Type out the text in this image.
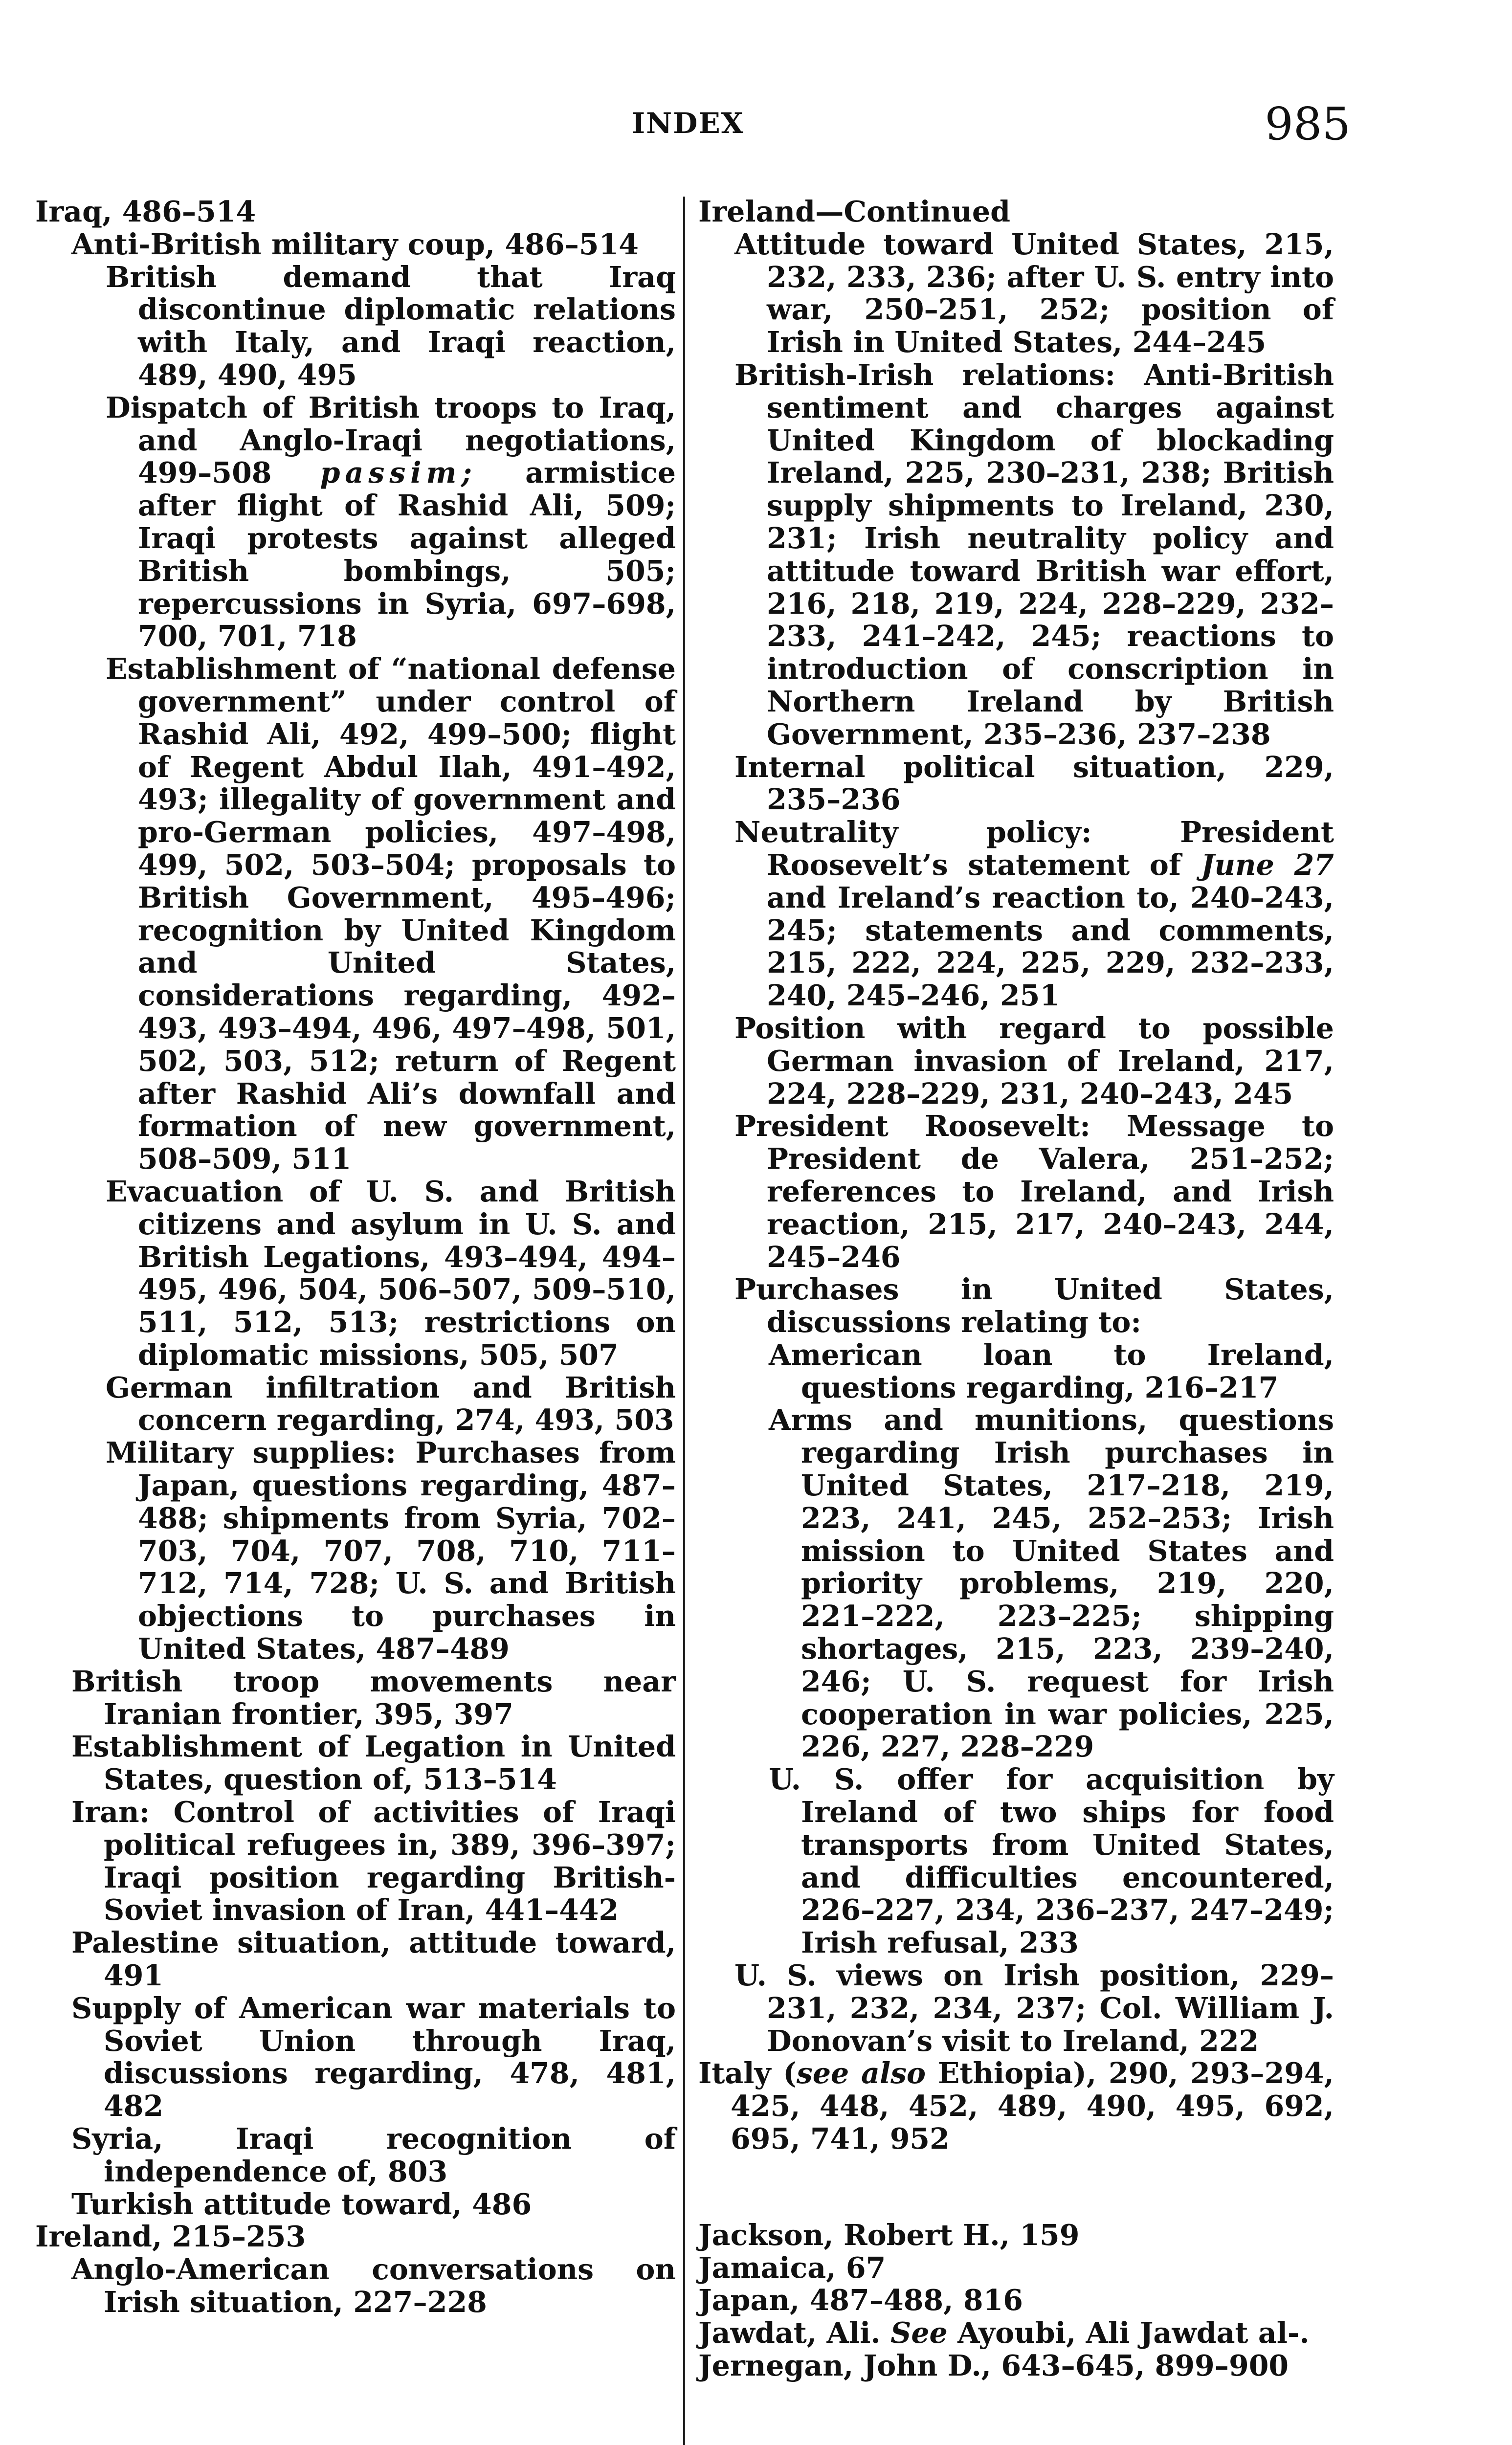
INDEX	985

Iraq, 486–514

Anti-British military coup, 486–514

British demand that Iraq discontinue diplomatic relations with Italy, and Iraqi reaction, 489, 490, 495

Dispatch of British troops to Iraq, and Anglo-Iraqi negotiations, 499–508 passim; armistice after flight of Rashid Ali, 509; Iraqi protests against alleged British bombings, 505; repercussions in Syria, 697–698, 700, 701, 718

Establishment of “national defense government” under control of Rashid Ali, 492, 499–500; flight of Regent Abdul Ilah, 491–492, 493; illegality of government and pro-German policies, 497–498, 499, 502, 503–504; proposals to British Government, 495–496; recognition by United Kingdom and United States, considerations regarding, 492–493, 493–494, 496, 497–498, 501, 502, 503, 512; return of Regent after Rashid Ali’s downfall and formation of new government, 508–509, 511

Evacuation of U. S. and British citizens and asylum in U. S. and British Legations, 493–494, 494–495, 496, 504, 506–507, 509–510, 511, 512, 513; restrictions on diplomatic missions, 505, 507

German infiltration and British concern regarding, 274, 493, 503

Military supplies: Purchases from Japan, questions regarding, 487–488; shipments from Syria, 702–703, 704, 707, 708, 710, 711–712, 714, 728; U. S. and British objections to purchases in United States, 487–489

British troop movements near Iranian frontier, 395, 397

Establishment of Legation in United States, question of, 513–514

Iran: Control of activities of Iraqi political refugees in, 389, 396–397; Iraqi position regarding British-Soviet invasion of Iran, 441–442

Palestine situation, attitude toward, 491

Supply of American war materials to Soviet Union through Iraq, discussions regarding, 478, 481, 482

Syria, Iraqi recognition of independence of, 803

Turkish attitude toward, 486

Ireland, 215–253

Anglo-American conversations on Irish situation, 227–228

Ireland—Continued

Attitude toward United States, 215, 232, 233, 236; after U. S. entry into war, 250–251, 252; position of Irish in United States, 244–245

British-Irish relations: Anti-British sentiment and charges against United Kingdom of blockading Ireland, 225, 230–231, 238; British supply shipments to Ireland, 230, 231; Irish neutrality policy and attitude toward British war effort, 216, 218, 219, 224, 228–229, 232–233, 241–242, 245; reactions to introduction of conscription in Northern Ireland by British Government, 235–236, 237–238

Internal political situation, 229, 235–236

Neutrality policy: President Roosevelt’s statement of June 27 and Ireland’s reaction to, 240–243, 245; statements and comments, 215, 222, 224, 225, 229, 232–233, 240, 245–246, 251

Position with regard to possible German invasion of Ireland, 217, 224, 228–229, 231, 240–243, 245

President Roosevelt: Message to President de Valera, 251–252; references to Ireland, and Irish reaction, 215, 217, 240–243, 244, 245–246

Purchases in United States, discussions relating to:

American loan to Ireland, questions regarding, 216–217

Arms and munitions, questions regarding Irish purchases in United States, 217–218, 219, 223, 241, 245, 252–253; Irish mission to United States and priority problems, 219, 220, 221–222, 223–225; shipping shortages, 215, 223, 239–240, 246; U. S. request for Irish cooperation in war policies, 225, 226, 227, 228–229

U. S. offer for acquisition by Ireland of two ships for food transports from United States, and difficulties encountered, 226–227, 234, 236–237, 247–249; Irish refusal, 233

U. S. views on Irish position, 229–231, 232, 234, 237; Col. William J. Donovan’s visit to Ireland, 222

Italy (see also Ethiopia), 290, 293–294, 425, 448, 452, 489, 490, 495, 692, 695, 741, 952

Jackson, Robert H., 159

Jamaica, 67

Japan, 487–488, 816

Jawdat, Ali. See Ayoubi, Ali Jawdat al-.

Jernegan, John D., 643–645, 899–900
